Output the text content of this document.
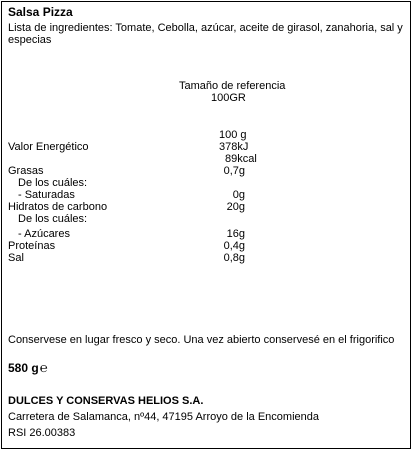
Salsa Pizza
Lista de ingredientes: Tomate, Cebolla, azúcar, aceite de girasol, zanahoria, sal y especias
Tamaño de referencia
100GR
100 g
Valor Energético	378kJ
89kcal
Grasas	0,7g
De los cuáles:
- Saturadas	0g
Hidratos de carbono	20g
De los cuáles:
- Azúcares	16g
Proteínas	0,4g
Sal	0,8g
Conservese en lugar fresco y seco. Una vez abierto conservesé en el frigorifico
580 g℮
DULCES Y CONSERVAS HELIOS S.A.
Carretera de Salamanca, nº44, 47195 Arroyo de la Encomienda
RSI 26.00383
